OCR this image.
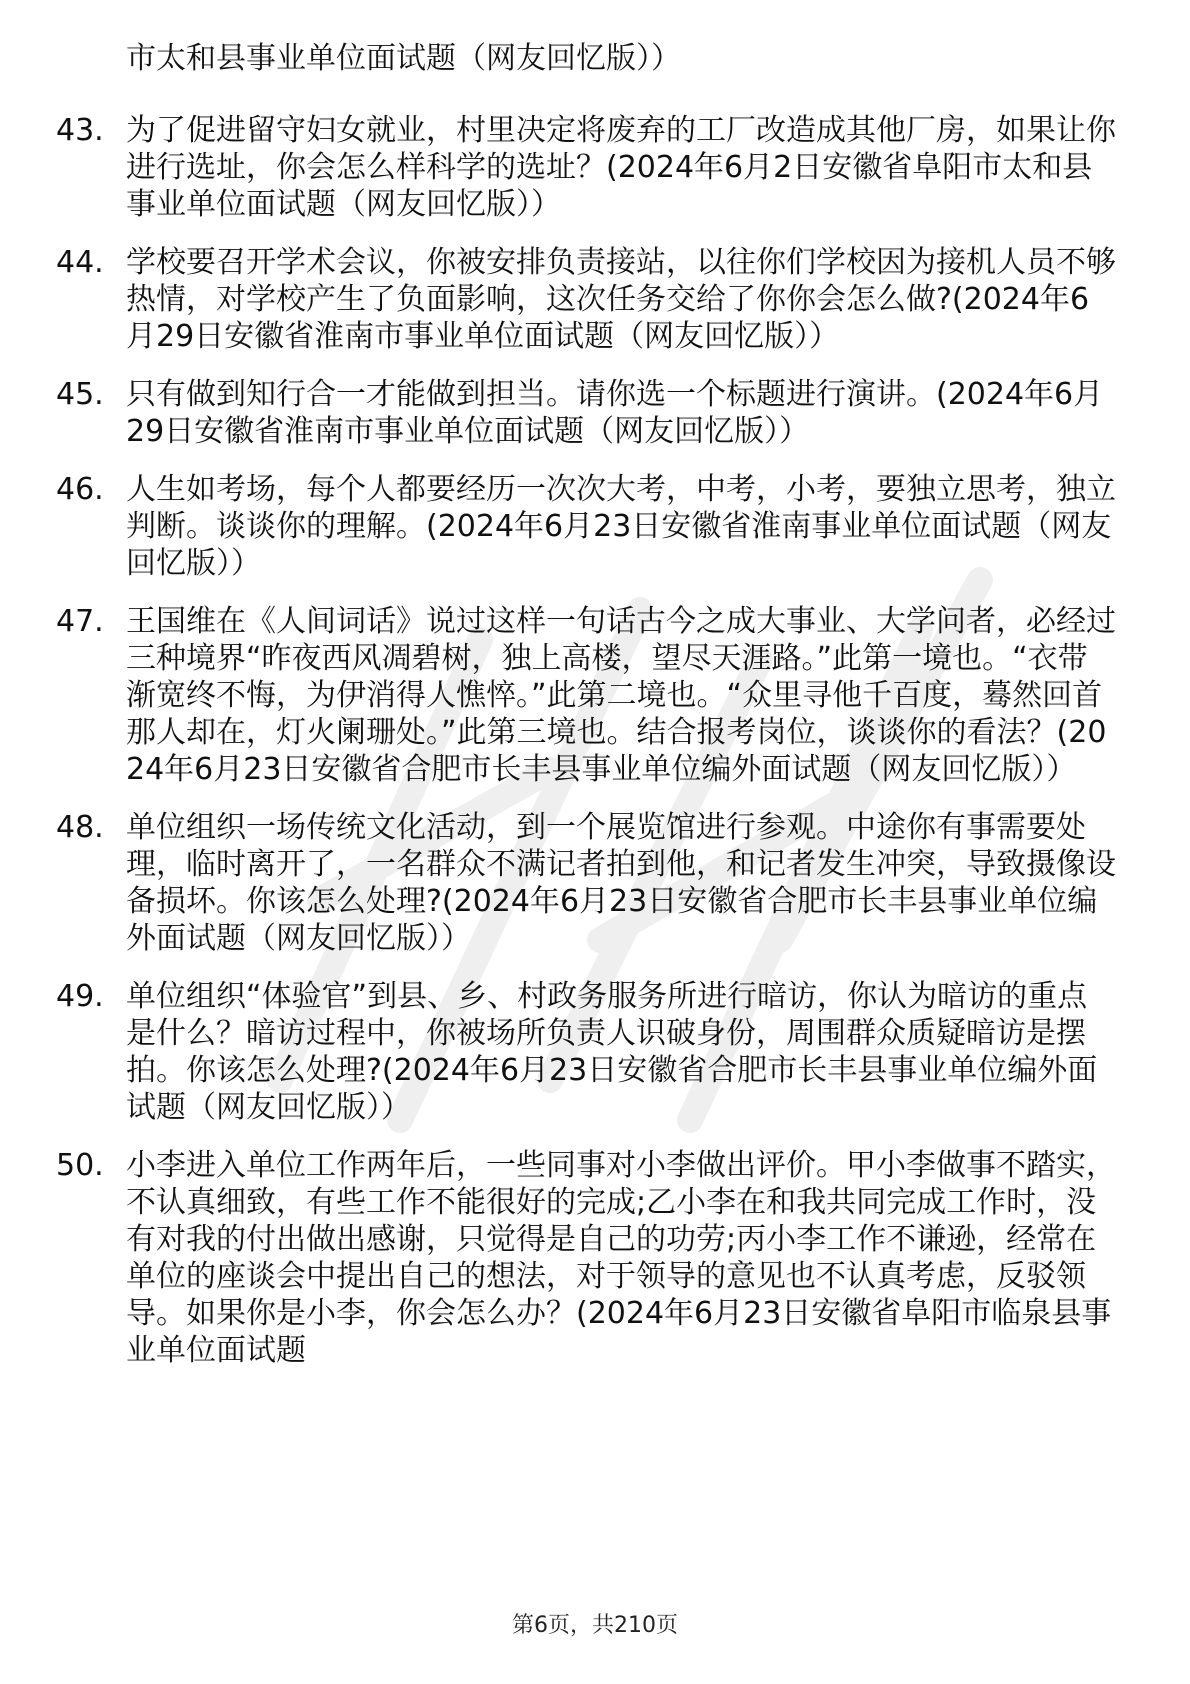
市太和县事业单位面试题（网友回忆版））

43. 为了促进留守妇女就业，村里决定将废弃的工厂改造成其他厂房，如果让你进行选址，你会怎么样科学的选址？(2024年6月2日安徽省阜阳市太和县事业单位面试题（网友回忆版））

44. 学校要召开学术会议，你被安排负责接站，以往你们学校因为接机人员不够热情，对学校产生了负面影响，这次任务交给了你你会怎么做?(2024年6月29日安徽省淮南市事业单位面试题（网友回忆版））

45. 只有做到知行合一才能做到担当。请你选一个标题进行演讲。(2024年6月29日安徽省淮南市事业单位面试题（网友回忆版））

46. 人生如考场，每个人都要经历一次次大考，中考，小考，要独立思考，独立判断。谈谈你的理解。(2024年6月23日安徽省淮南事业单位面试题（网友回忆版））

47. 王国维在《人间词话》说过这样一句话古今之成大事业、大学问者，必经过三种境界“昨夜西风凋碧树，独上高楼，望尽天涯路。”此第一境也。“衣带渐宽终不悔，为伊消得人憔悴。”此第二境也。“众里寻他千百度，蓦然回首那人却在，灯火阑珊处。”此第三境也。结合报考岗位，谈谈你的看法？(2024年6月23日安徽省合肥市长丰县事业单位编外面试题（网友回忆版））

48. 单位组织一场传统文化活动，到一个展览馆进行参观。中途你有事需要处理，临时离开了，一名群众不满记者拍到他，和记者发生冲突，导致摄像设备损坏。你该怎么处理?(2024年6月23日安徽省合肥市长丰县事业单位编外面试题（网友回忆版））

49. 单位组织“体验官”到县、乡、村政务服务所进行暗访，你认为暗访的重点是什么？暗访过程中，你被场所负责人识破身份，周围群众质疑暗访是摆拍。你该怎么处理?(2024年6月23日安徽省合肥市长丰县事业单位编外面试题（网友回忆版））

50. 小李进入单位工作两年后，一些同事对小李做出评价。甲小李做事不踏实，不认真细致，有些工作不能很好的完成;乙小李在和我共同完成工作时，没有对我的付出做出感谢，只觉得是自己的功劳;丙小李工作不谦逊，经常在单位的座谈会中提出自己的想法，对于领导的意见也不认真考虑，反驳领导。如果你是小李，你会怎么办？(2024年6月23日安徽省阜阳市临泉县事业单位面试题

第6页，共210页
